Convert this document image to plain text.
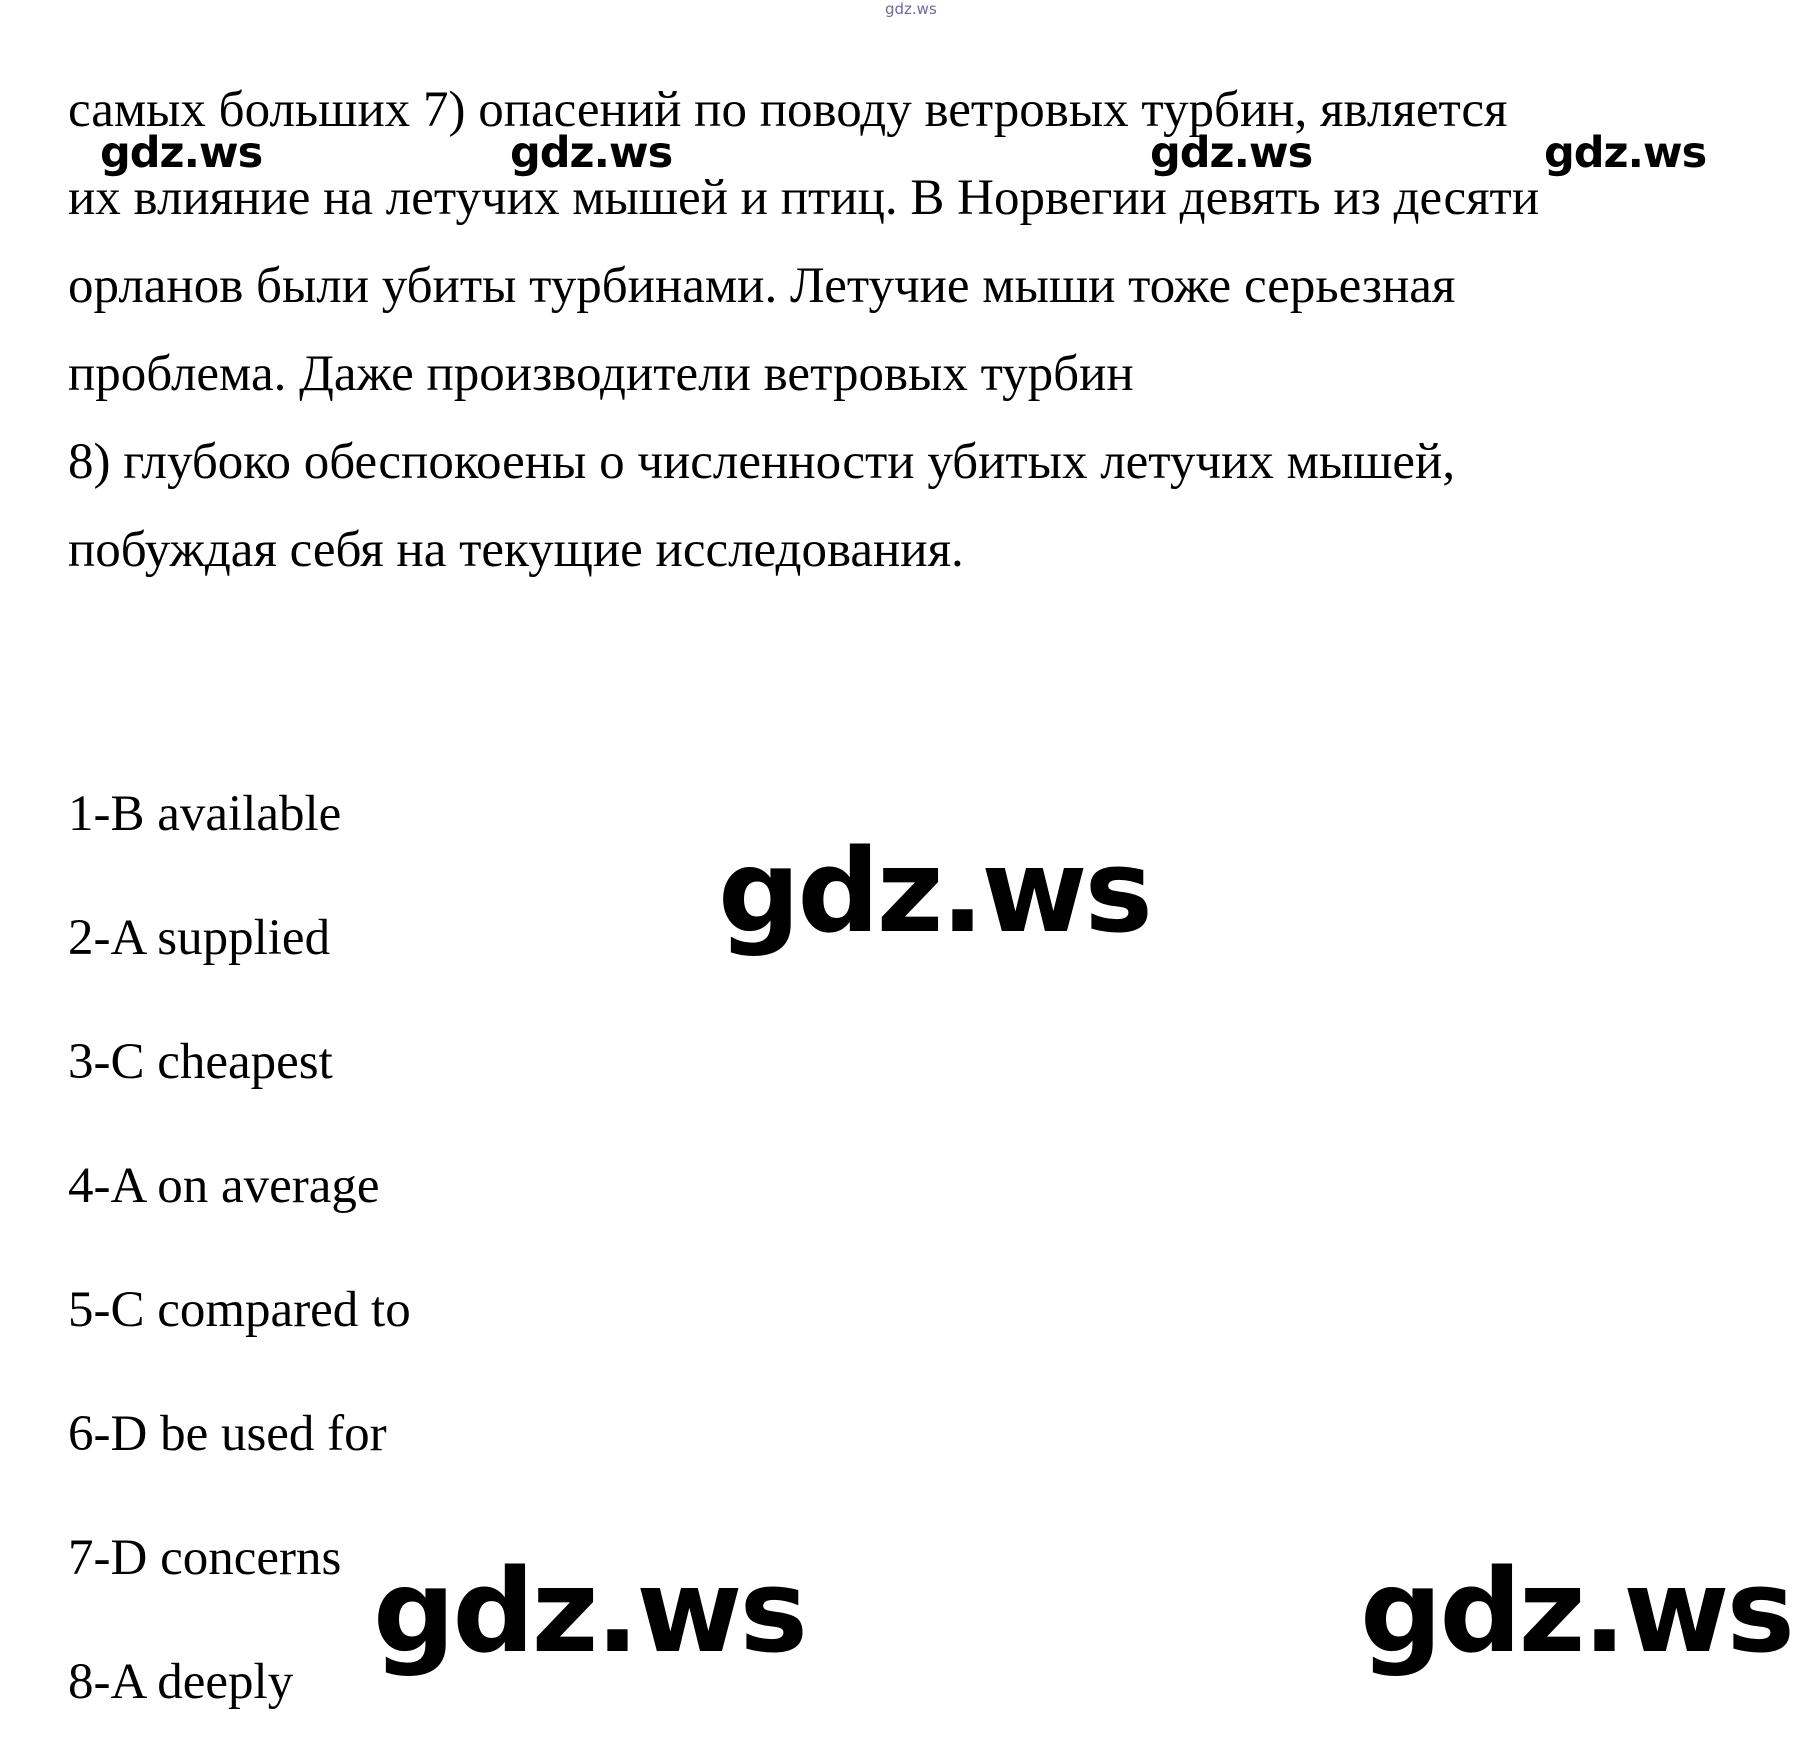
gdz.ws
самых больших 7) опасений по поводу ветровых турбин, является
их влияние на летучих мышей и птиц. В Норвегии девять из десяти
орланов были убиты турбинами. Летучие мыши тоже серьезная
проблема. Даже производители ветровых турбин
8) глубоко обеспокоены о численности убитых летучих мышей,
побуждая себя на текущие исследования.
gdz.ws	gdz.ws	gdz.ws	gdz.ws
1-B available
2-A supplied
3-C cheapest
4-A on average
5-C compared to
6-D be used for
7-D concerns
8-A deeply
gdz.ws
gdz.ws	gdz.ws
